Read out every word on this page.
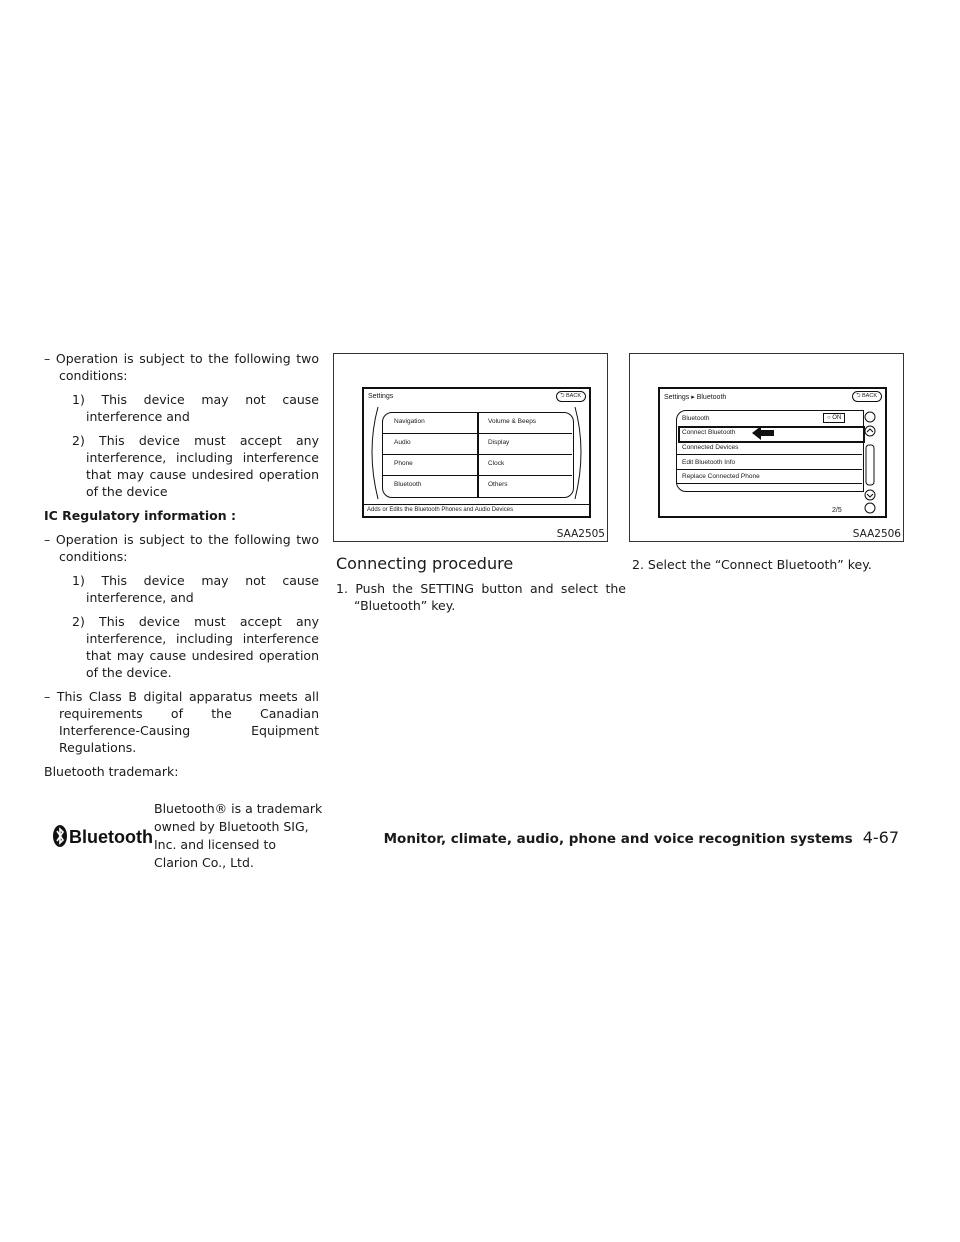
– Operation is subject to the following two conditions:

1) This device may not cause interference and

2) This device must accept any interference, including interference that may cause undesired operation of the device

IC Regulatory information :

– Operation is subject to the following two conditions:

1) This device may not cause interference, and

2) This device must accept any interference, including interference that may cause undesired operation of the device.

– This Class B digital apparatus meets all requirements of the Canadian Interference-Causing Equipment Regulations.

Bluetooth trademark:

Bluetooth
Bluetooth® is a trademark owned by Bluetooth SIG, Inc. and licensed to Clarion Co., Ltd.
Settings	⮌ BACK
Navigation
Audio
Phone
Bluetooth
Volume & Beeps
Display
Clock
Others
Adds or Edits the Bluetooth Phones and Audio Devices
SAA2505
Settings ▸ Bluetooth	⮌ BACK
Bluetooth
Connect Bluetooth
Connected Devices
Edit Bluetooth Info
Replace Connected Phone
○ ON
2/5
SAA2506
Connecting procedure
1. Push the SETTING button and select the “Bluetooth” key.
2. Select the “Connect Bluetooth” key.
Monitor, climate, audio, phone and voice recognition systems 4-67
